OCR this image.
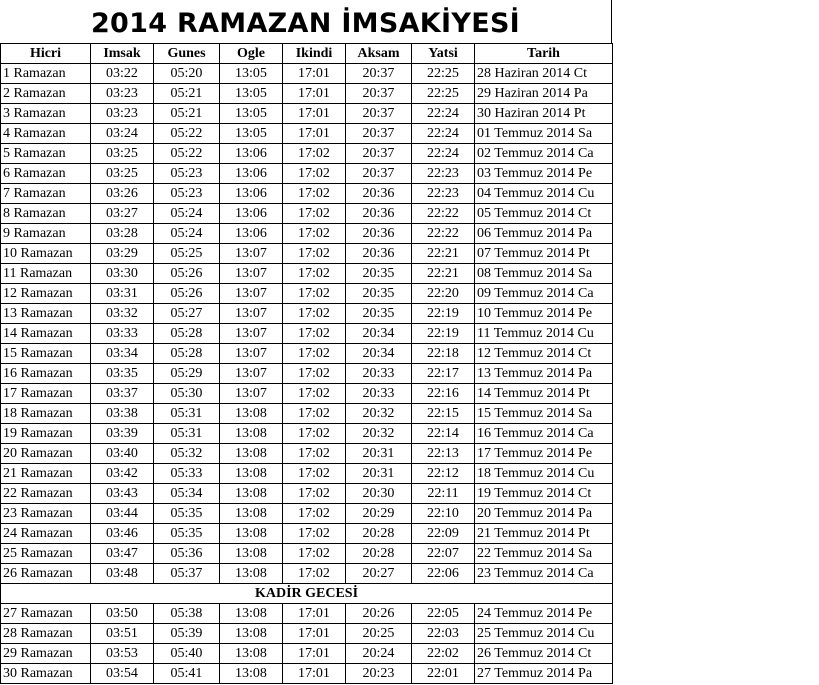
2014 RAMAZAN İMSAKİYESİ
Hicri	Imsak	Gunes	Ogle	Ikindi	Aksam	Yatsi	Tarih
1 Ramazan	03:22	05:20	13:05	17:01	20:37	22:25	28 Haziran 2014 Ct
2 Ramazan	03:23	05:21	13:05	17:01	20:37	22:25	29 Haziran 2014 Pa
3 Ramazan	03:23	05:21	13:05	17:01	20:37	22:24	30 Haziran 2014 Pt
4 Ramazan	03:24	05:22	13:05	17:01	20:37	22:24	01 Temmuz 2014 Sa
5 Ramazan	03:25	05:22	13:06	17:02	20:37	22:24	02 Temmuz 2014 Ca
6 Ramazan	03:25	05:23	13:06	17:02	20:37	22:23	03 Temmuz 2014 Pe
7 Ramazan	03:26	05:23	13:06	17:02	20:36	22:23	04 Temmuz 2014 Cu
8 Ramazan	03:27	05:24	13:06	17:02	20:36	22:22	05 Temmuz 2014 Ct
9 Ramazan	03:28	05:24	13:06	17:02	20:36	22:22	06 Temmuz 2014 Pa
10 Ramazan	03:29	05:25	13:07	17:02	20:36	22:21	07 Temmuz 2014 Pt
11 Ramazan	03:30	05:26	13:07	17:02	20:35	22:21	08 Temmuz 2014 Sa
12 Ramazan	03:31	05:26	13:07	17:02	20:35	22:20	09 Temmuz 2014 Ca
13 Ramazan	03:32	05:27	13:07	17:02	20:35	22:19	10 Temmuz 2014 Pe
14 Ramazan	03:33	05:28	13:07	17:02	20:34	22:19	11 Temmuz 2014 Cu
15 Ramazan	03:34	05:28	13:07	17:02	20:34	22:18	12 Temmuz 2014 Ct
16 Ramazan	03:35	05:29	13:07	17:02	20:33	22:17	13 Temmuz 2014 Pa
17 Ramazan	03:37	05:30	13:07	17:02	20:33	22:16	14 Temmuz 2014 Pt
18 Ramazan	03:38	05:31	13:08	17:02	20:32	22:15	15 Temmuz 2014 Sa
19 Ramazan	03:39	05:31	13:08	17:02	20:32	22:14	16 Temmuz 2014 Ca
20 Ramazan	03:40	05:32	13:08	17:02	20:31	22:13	17 Temmuz 2014 Pe
21 Ramazan	03:42	05:33	13:08	17:02	20:31	22:12	18 Temmuz 2014 Cu
22 Ramazan	03:43	05:34	13:08	17:02	20:30	22:11	19 Temmuz 2014 Ct
23 Ramazan	03:44	05:35	13:08	17:02	20:29	22:10	20 Temmuz 2014 Pa
24 Ramazan	03:46	05:35	13:08	17:02	20:28	22:09	21 Temmuz 2014 Pt
25 Ramazan	03:47	05:36	13:08	17:02	20:28	22:07	22 Temmuz 2014 Sa
26 Ramazan	03:48	05:37	13:08	17:02	20:27	22:06	23 Temmuz 2014 Ca
KADİR GECESİ							
27 Ramazan	03:50	05:38	13:08	17:01	20:26	22:05	24 Temmuz 2014 Pe
28 Ramazan	03:51	05:39	13:08	17:01	20:25	22:03	25 Temmuz 2014 Cu
29 Ramazan	03:53	05:40	13:08	17:01	20:24	22:02	26 Temmuz 2014 Ct
30 Ramazan	03:54	05:41	13:08	17:01	20:23	22:01	27 Temmuz 2014 Pa
